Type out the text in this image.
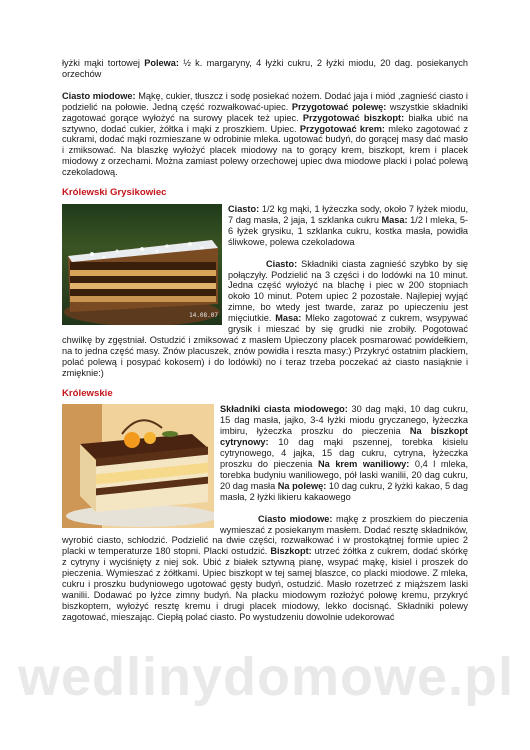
łyżki mąki tortowej Polewa: ½ k. margaryny, 4 łyżki cukru, 2 łyżki miodu, 20 dag. posiekanych orzechów

Ciasto miodowe: Mąkę, cukier, tłuszcz i sodę posiekać nożem. Dodać jaja i miód ,zagnieść ciasto i podzielić na połowie. Jedną część rozwałkować-upiec. Przygotować polewę: wszystkie składniki zagotować gorące wyłożyć na surowy placek też upiec. Przygotować biszkopt: białka ubić na sztywno, dodać cukier, żółtka i mąki z proszkiem. Upiec. Przygotować krem: mleko zagotować z cukrami, dodać mąki rozmieszane w odrobinie mleka. ugotować budyń, do gorącej masy dać masło i zmiksować. Na blaszkę wyłożyć placek miodowy na to gorący krem, biszkopt, krem i placek miodowy z orzechami. Można zamiast polewy orzechowej upiec dwa miodowe placki i polać polewą czekoladową.

Królewski Grysikowiec
14.08.07

Ciasto: 1/2 kg mąki, 1 łyżeczka sody, około 7 łyżek miodu, 7 dag masła, 2 jaja, 1 szklanka cukru Masa: 1/2 l mleka, 5-6 łyżek grysiku, 1 szklanka cukru, kostka masła, powidła śliwkowe, polewa czekoladowa

Ciasto: Składniki ciasta zagnieść szybko by się połączyły. Podzielić na 3 części i do lodówki na 10 minut. Jedna część wyłożyć na blachę i piec w 200 stopniach około 10 minut. Potem upiec 2 pozostałe. Najlepiej wyjąć zimne, bo wtedy jest twarde, zaraz po upieczeniu jest mięciutkie. Masa: Mleko zagotować z cukrem, wsypywać grysik i mieszać by się grudki nie zrobiły. Pogotować chwilkę by zgęstniał. Ostudzić i zmiksować z masłem Upieczony placek posmarować powidełkiem, na to jedna część masy. Znów placuszek, znów powidła i reszta masy:) Przykryć ostatnim plackiem, polać polewą i posypać kokosem) i do lodówki) no i teraz trzeba poczekać aż ciasto nasiąknie i zmięknie:)

Królewskie

Składniki ciasta miodowego: 30 dag mąki, 10 dag cukru, 15 dag masła, jajko, 3-4 łyżki miodu gryczanego, łyżeczka imbiru, łyżeczka proszku do pieczenia Na biszkopt cytrynowy: 10 dag mąki pszennej, torebka kisielu cytrynowego, 4 jajka, 15 dag cukru, cytryna, łyżeczka proszku do pieczenia Na krem waniliowy: 0,4 l mleka, torebka budyniu waniliowego, pół laski wanilii, 20 dag cukru, 20 dag masła Na polewę: 10 dag cukru, 2 łyżki kakao, 5 dag masła, 2 łyżki likieru kakaowego

Ciasto miodowe: mąkę z proszkiem do pieczenia wymieszać z posiekanym masłem. Dodać resztę składników, wyrobić ciasto, schłodzić. Podzielić na dwie części, rozwałkować i w prostokątnej formie upiec 2 placki w temperaturze 180 stopni. Placki ostudzić. Biszkopt: utrzeć żółtka z cukrem, dodać skórkę z cytryny i wyciśnięty z niej sok. Ubić z białek sztywną pianę, wsypać mąkę, kisiel i proszek do pieczenia. Wymieszać z żółtkami. Upiec biszkopt w tej samej blaszce, co placki miodowe. Z mleka, cukru i proszku budyniowego ugotować gęsty budyń, ostudzić. Masło rozetrzeć z miąższem laski wanilii. Dodawać po łyżce zimny budyń. Na placku miodowym rozłożyć połowę kremu, przykryć biszkoptem, wyłożyć resztę kremu i drugi placek miodowy, lekko docisnąć. Składniki polewy zagotować, mieszając. Ciepłą polać ciasto. Po wystudzeniu dowolnie udekorować

wedlinydomowe.pl
